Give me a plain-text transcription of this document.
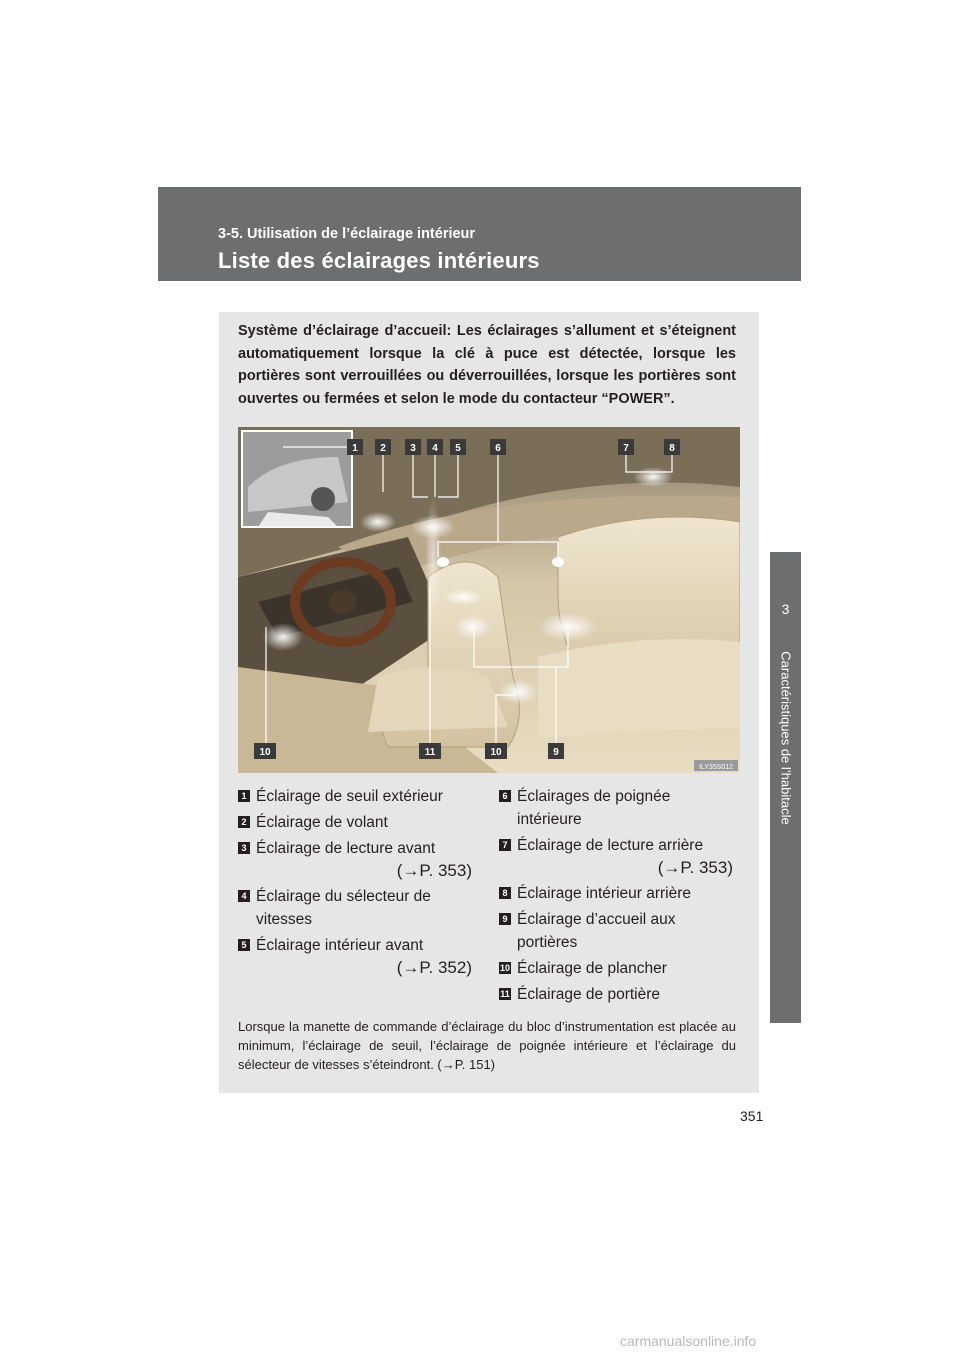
3-5. Utilisation de l’éclairage intérieur
Liste des éclairages intérieurs
3
Caractéristiques de l’habitacle
Système d’éclairage d’accueil: Les éclairages s’allument et s’éteignent automatiquement lorsque la clé à puce est détectée, lorsque les portières sont verrouillées ou déverrouillées, lorsque les portières sont ouvertes ou fermées et selon le mode du contacteur “POWER”.
1 2 3 4 5	6	7	8
9
10	11	10
ILY35S012
1 Éclairage de seuil extérieur
2 Éclairage de volant
3 Éclairage de lecture avant
(→P. 353)
4 Éclairage du sélecteur de vitesses
5 Éclairage intérieur avant
(→P. 352)
6 Éclairages de poignée intérieure
7 Éclairage de lecture arrière
(→P. 353)
8 Éclairage intérieur arrière
9 Éclairage d’accueil aux portières
10 Éclairage de plancher
11 Éclairage de portière
Lorsque la manette de commande d’éclairage du bloc d’instrumentation est placée au minimum, l’éclairage de seuil, l’éclairage de poignée intérieure et l’éclairage du sélecteur de vitesses s’éteindront. (→P. 151)
351
carmanualsonline.info
